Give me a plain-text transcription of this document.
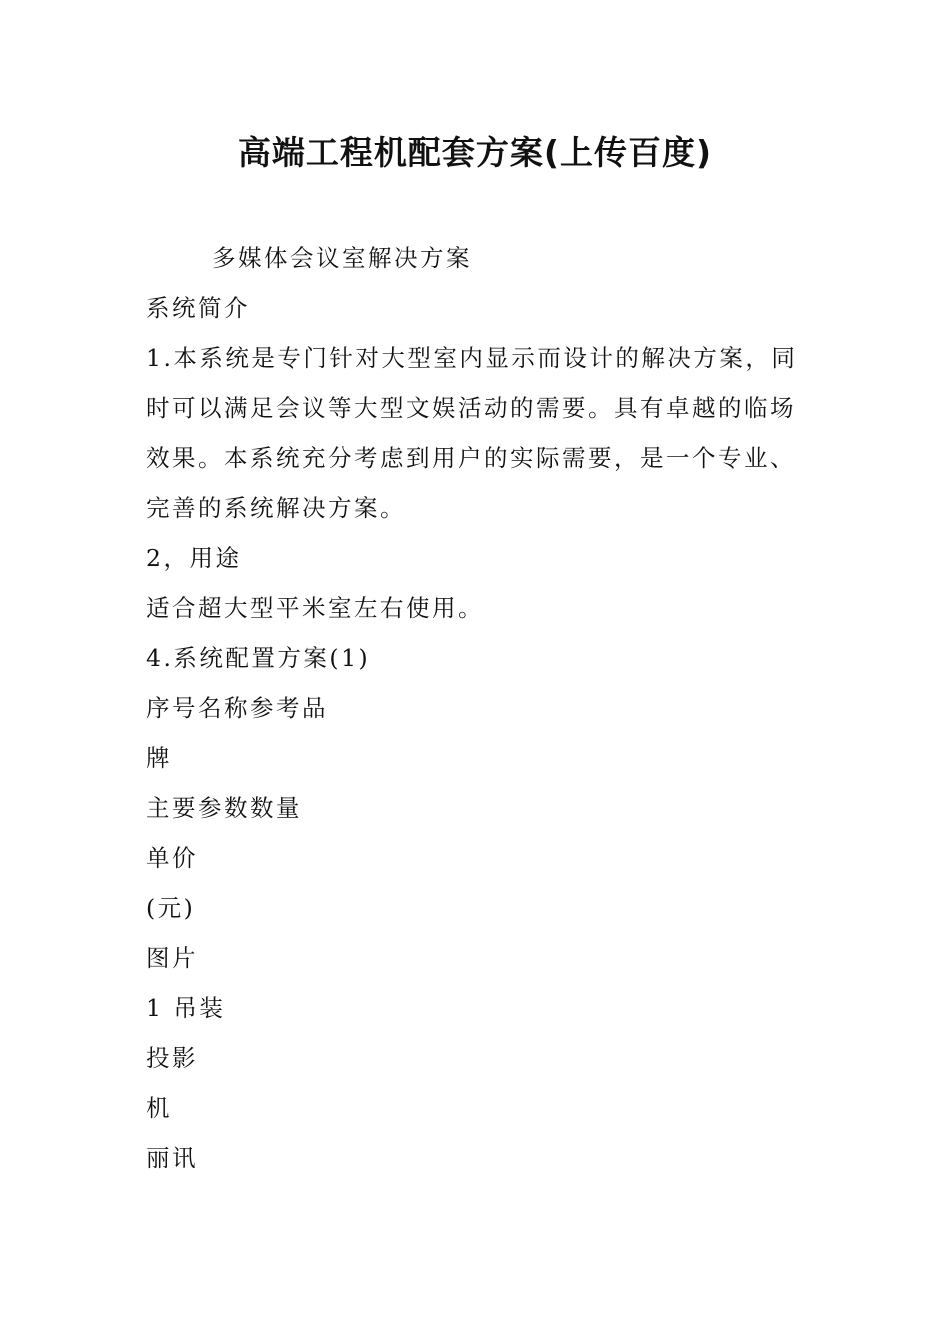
高端工程机配套方案(上传百度)

多媒体会议室解决方案

系统简介

1.本系统是专门针对大型室内显示而设计的解决方案，同

时可以满足会议等大型文娱活动的需要。具有卓越的临场

效果。本系统充分考虑到用户的实际需要，是一个专业、

完善的系统解决方案。

2，用途

适合超大型平米室左右使用。

4.系统配置方案(1)

序号名称参考品

牌

主要参数数量

单价

(元)

图片

1 吊装

投影

机

丽讯
